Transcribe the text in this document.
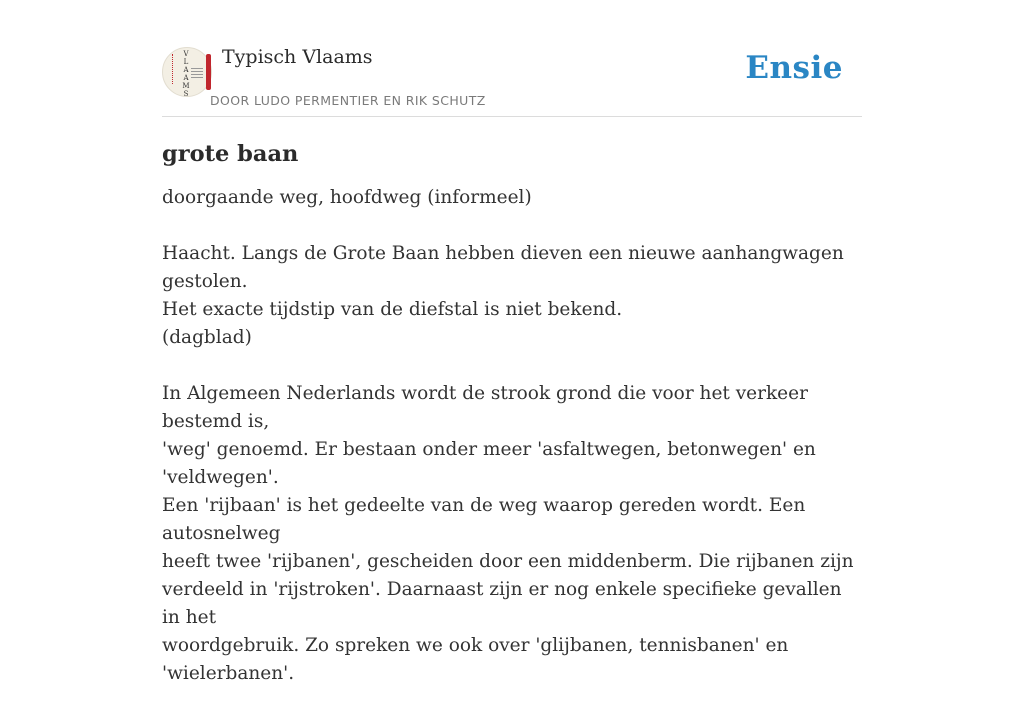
V
L
A
A
M
S
Typisch Vlaams
DOOR LUDO PERMENTIER EN RIK SCHUTZ
Ensie
grote baan

doorgaande weg, hoofdweg (informeel)

Haacht. Langs de Grote Baan hebben dieven een nieuwe aanhangwagen gestolen.
Het exacte tijdstip van de diefstal is niet bekend.
(dagblad)

In Algemeen Nederlands wordt de strook grond die voor het verkeer bestemd is,
'weg' genoemd. Er bestaan onder meer 'asfaltwegen, betonwegen' en 'veldwegen'.
Een 'rijbaan' is het gedeelte van de weg waarop gereden wordt. Een autosnelweg
heeft twee 'rijbanen', gescheiden door een middenberm. Die rijbanen zijn
verdeeld in 'rijstroken'. Daarnaast zijn er nog enkele specifieke gevallen in het
woordgebruik. Zo spreken we ook over 'glijbanen, tennisbanen' en 'wielerbanen'.
